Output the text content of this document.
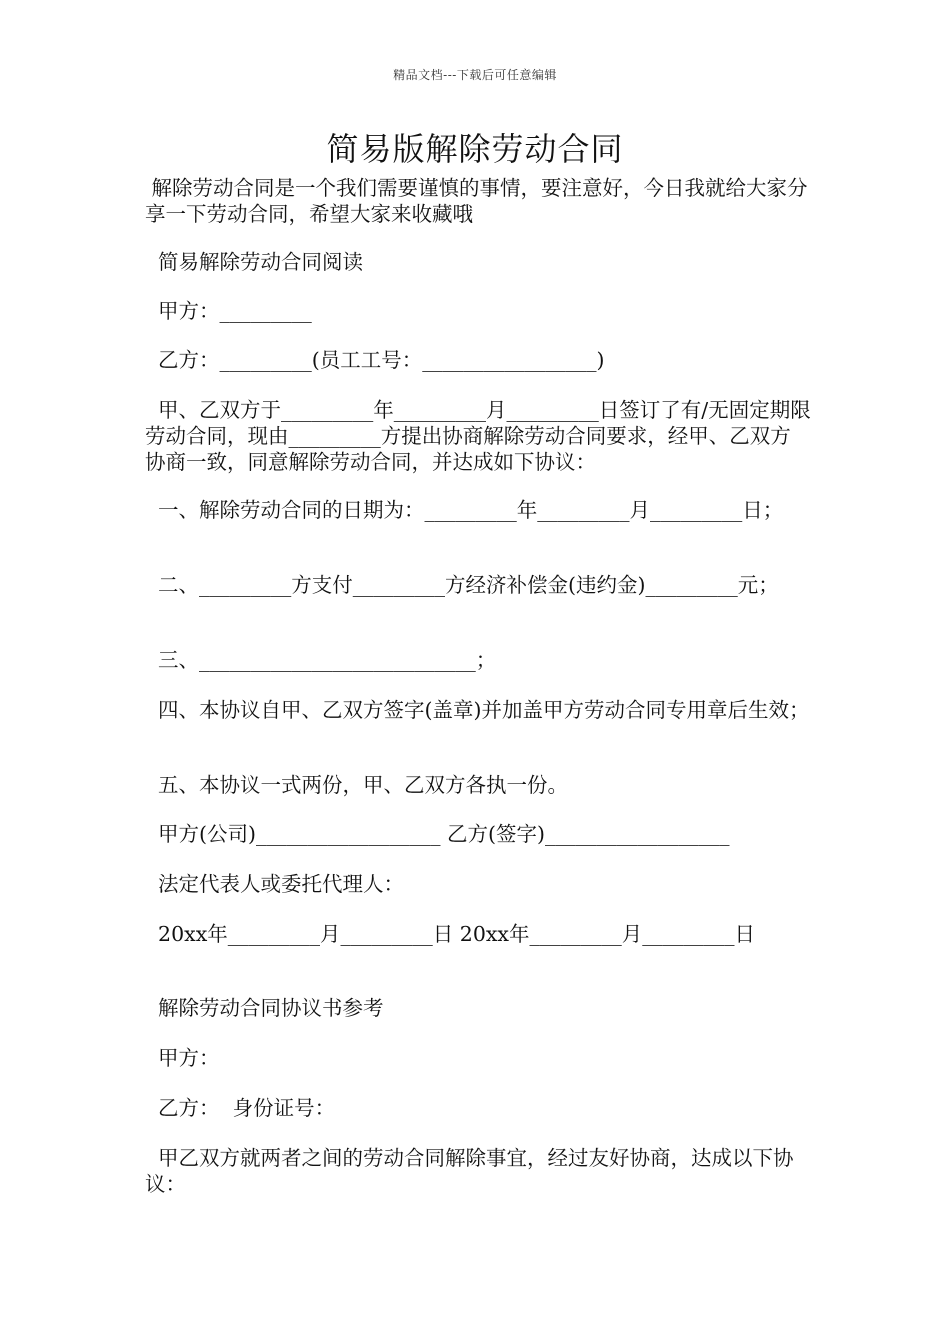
精品文档---下载后可任意编辑
简易版解除劳动合同

解除劳动合同是一个我们需要谨慎的事情，要注意好，今日我就给大家分享一下劳动合同，希望大家来收藏哦

简易解除劳动合同阅读

甲方：_________

乙方：_________(员工工号：_________________)

甲、乙双方于_________年_________月_________日签订了有/无固定期限劳动合同，现由_________方提出协商解除劳动合同要求，经甲、乙双方协商一致，同意解除劳动合同，并达成如下协议：

一、解除劳动合同的日期为：_________年_________月_________日；

二、_________方支付_________方经济补偿金(违约金)_________元；

三、___________________________；

四、本协议自甲、乙双方签字(盖章)并加盖甲方劳动合同专用章后生效；

五、本协议一式两份，甲、乙双方各执一份。

甲方(公司)__________________ 乙方(签字)__________________

法定代表人或委托代理人：

20xx年_________月_________日 20xx年_________月_________日

解除劳动合同协议书参考

甲方：

乙方：  身份证号：

甲乙双方就两者之间的劳动合同解除事宜，经过友好协商，达成以下协议：
